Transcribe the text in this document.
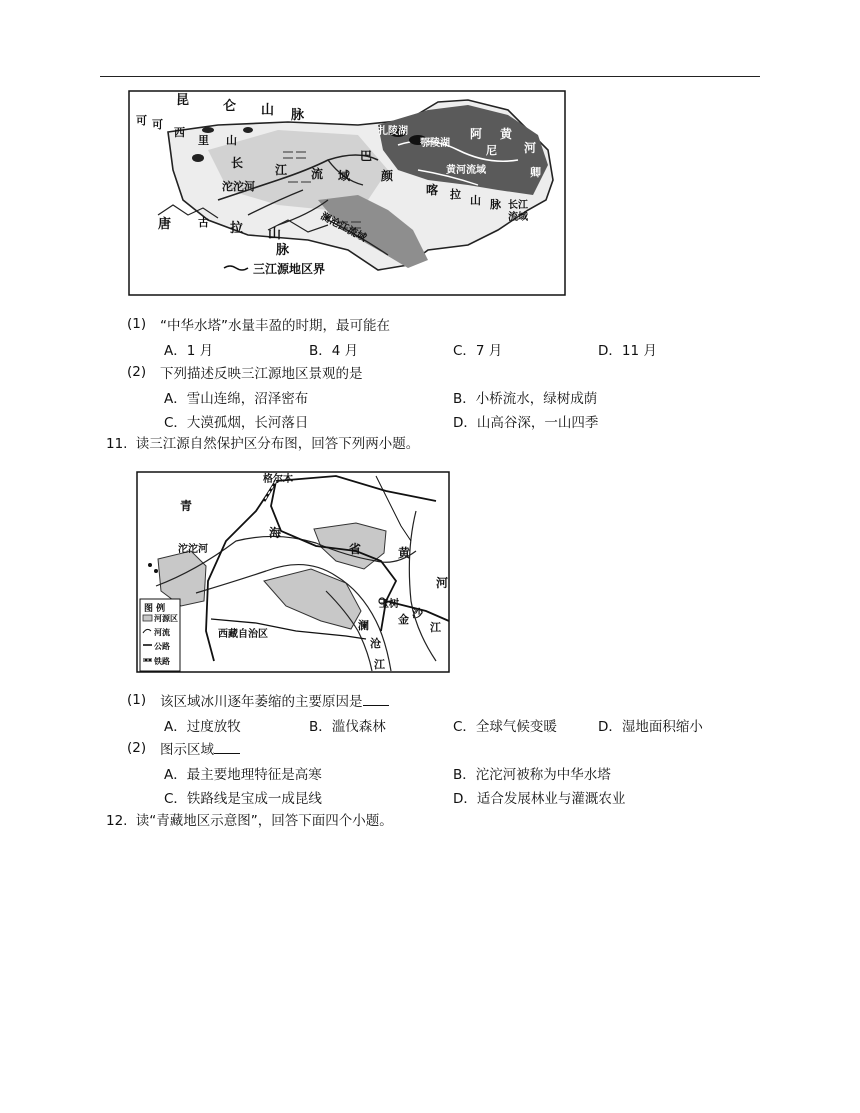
昆	仑 山 脉
可 可
西
里 山
长	江 流 域
沱沱河
巴
颜
喀
澜沧江流域
唐 古 拉 山
脉
扎陵湖
鄂陵湖
阿 黄
河
尼
黄河流域	卿
拉 山 脉 长江
流域
三江源地区界
(1) “中华水塔”水量丰盈的时期，最可能在
A．1 月	B．4 月	C．7 月	D．11 月
(2) 下列描述反映三江源地区景观的是
A．雪山连绵，沼泽密布	B．小桥流水，绿树成荫
C．大漠孤烟，长河落日	D．山高谷深，一山四季
11. 读三江源自然保护区分布图，回答下列两小题。
格尔木
青
海
省
沱沱河	黄
河
玉树
金 沙
江
澜
沧
江
西藏自治区
图 例
河源区
河流
公路
铁路
(1) 该区域冰川逐年萎缩的主要原因是
A．过度放牧	B．滥伐森林	C．全球气候变暖	D．湿地面积缩小
(2) 图示区域
A．最主要地理特征是高寒	B．沱沱河被称为中华水塔
C．铁路线是宝成一成昆线	D．适合发展林业与灌溉农业
12. 读“青藏地区示意图”，回答下面四个小题。
